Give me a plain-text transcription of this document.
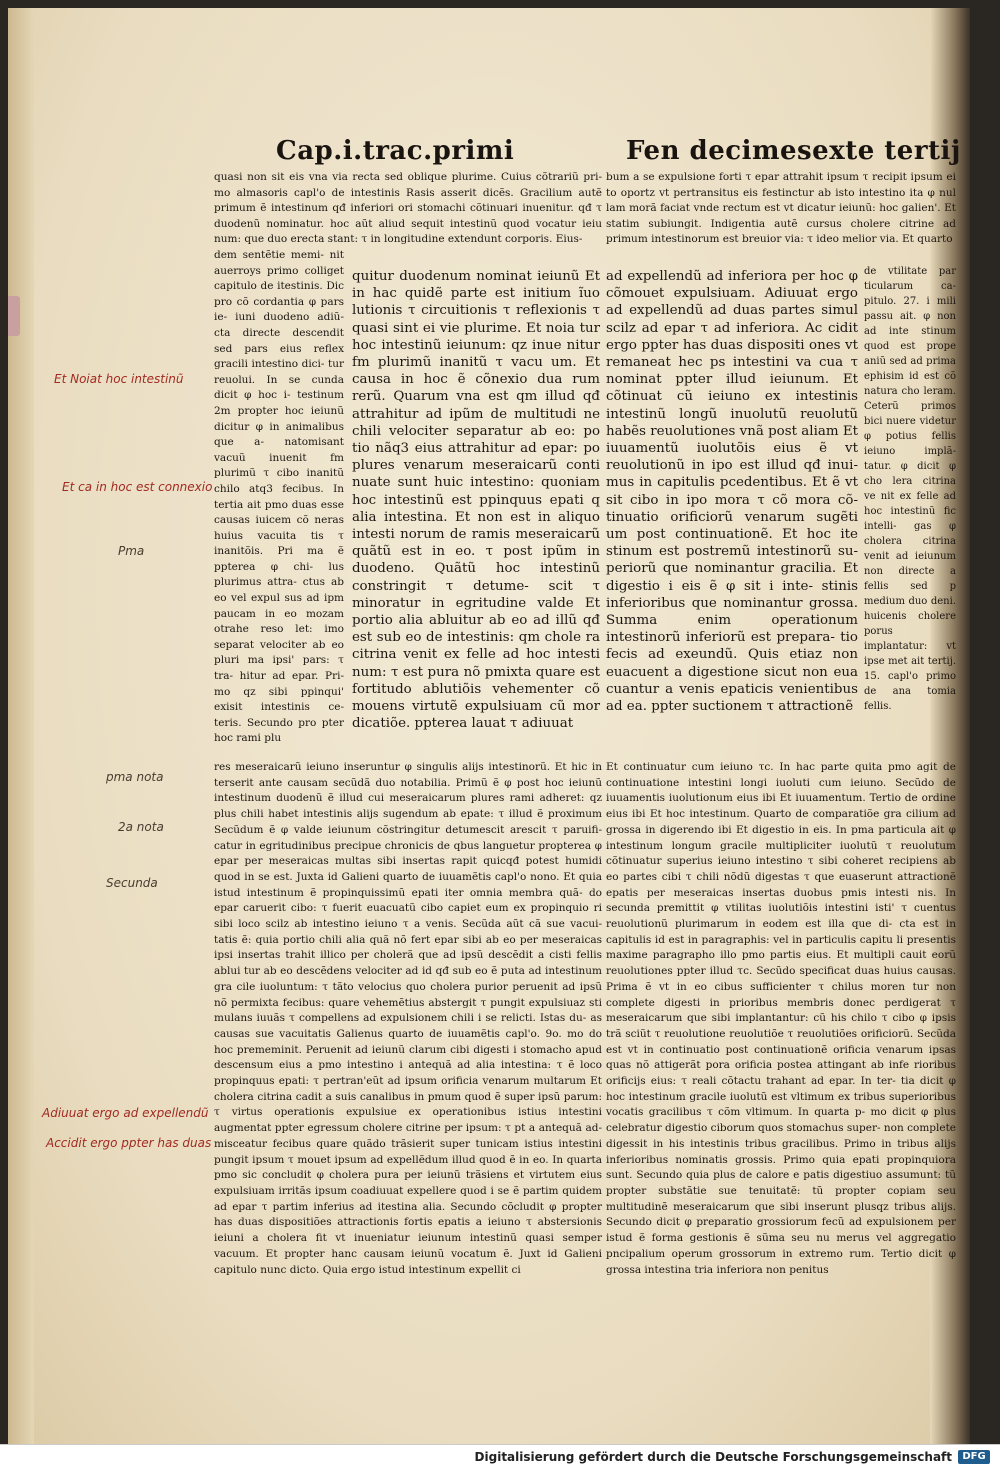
Cap.i.trac.primi	Fen decimesexte tertij

quasi non sit eis vna via recta sed oblique plurime. Cuius cõtrariũ pri- mo almasoris capl'o de intestinis Rasis asserit dicẽs. Gracilium autẽ primum ẽ intestinum qđ inferiori ori stomachi cõtinuari inuenitur. qđ τ duodenũ nominatur. hoc aũt aliud sequit intestinũ quod vocatur ieiu num: que duo erecta stant: τ in longitudine extendunt corporis. Eius-

dem sentẽtie memi- nit auerroys primo colliget capitulo de itestinis. Dic pro cõ cordantia φ pars ie- iuni duodeno adiũ- cta directe descendit sed pars eius reflex gracili intestino dici- tur reuolui. In se cunda dicit φ hoc i- testinum 2m propter hoc ieiunũ dicitur φ in animalibus que a- natomisant vacuũ inuenit fm plurimũ τ cibo inanitũ chilo atq3 fecibus. In tertia ait pmo duas esse causas iuicem cõ neras huius vacuita tis τ inanitõis. Pri ma ẽ ppterea φ chi- lus plurimus attra- ctus ab eo vel expul sus ad ipm paucam in eo mozam otrahe reso let: imo separat velociter ab eo pluri ma ipsi' pars: τ tra- hitur ad epar. Pri- mo qz sibi ppinqui' exisit intestinis ce- teris. Secundo pro pter hoc rami plu

quitur duodenum nominat ieiunũ Et in hac quidẽ parte est initium ĩuo lutionis τ circuitionis τ reflexionis τ quasi sint ei vie plurime. Et noia tur hoc intestinũ ieiunum: qz inue nitur fm plurimũ inanitũ τ vacu um. Et causa in hoc ẽ cõnexio dua rum rerũ. Quarum vna est qm illud qđ attrahitur ad ipũm de multitudi ne chili velociter separatur ab eo: po tio nãq3 eius attrahitur ad epar: po plures venarum meseraicarũ conti nuate sunt huic intestino: quoniam hoc intestinũ est ppinquus epati q alia intestina. Et non est in aliquo intesti norum de ramis meseraicarũ quãtũ est in eo. τ post ipũm in duodeno. Quãtũ hoc intestinũ constringit τ detume- scit τ minoratur in egritudine valde Et portio alia abluitur ab eo ad illũ qđ est sub eo de intestinis: qm chole ra citrina venit ex felle ad hoc intesti num: τ est pura nõ pmixta quare est fortitudo ablutiõis vehementer cõ mouens virtutẽ expulsiuam cũ mor dicatiõe. ppterea lauat τ adiuuat

bum a se expulsione forti τ epar attrahit ipsum τ recipit ipsum ei to oportz vt pertransitus eis festinctur ab isto intestino ita φ nul lam morã faciat vnde rectum est vt dicatur ieiunũ: hoc galien'. Et statim subiungit. Indigentia autẽ cursus cholere citrine ad primum intestinorum est breuior via: τ ideo melior via. Et quarto

ad expellendũ ad inferiora per hoc φ cõmouet expulsiuam. Adiuuat ergo ad expellendũ ad duas partes simul scilz ad epar τ ad inferiora. Ac cidit ergo ppter has duas dispositi ones vt remaneat hec ps intestini va cua τ nominat ppter illud ieiunum. Et cõtinuat cũ ieiuno ex intestinis intestinũ longũ inuolutũ reuolutũ habẽs reuolutiones vnã post aliam Et iuuamentũ iuolutõis eius ẽ vt reuolutionũ in ipo est illud qđ inui- mus in capitulis pcedentibus. Et ẽ vt sit cibo in ipo mora τ cõ mora cõ- tinuatio orificiorũ venarum sugẽti um post continuationẽ. Et hoc ite stinum est postremũ intestinorũ su- periorũ que nominantur gracilia. Et digestio i eis ẽ φ sit i inte- stinis inferioribus que nominantur grossa. Summa enim operationum intestinorũ inferiorũ est prepara- tio fecis ad exeundũ. Quis etiaz non euacuent a digestione sicut non eua cuantur a venis epaticis venientibus ad ea. ppter suctionem τ attractionẽ

de vtilitate par ticularum ca- pitulo. 27. i mili passu ait. φ non ad inte stinum quod est prope aniũ sed ad prima ephisim id est cõ natura cho leram. Ceterũ primos bici nuere videtur φ potius fellis ieiuno implã- tatur. φ dicit φ cho lera citrina ve nit ex felle ad hoc intestinũ fic intelli- gas φ cholera citrina venit ad ieiunum non directe a fellis sed p medium duo deni. huicenis cholere porus implantatur: vt ipse met ait tertij. 15. capl'o primo de ana tomia fellis.

res meseraicarũ ieiuno inseruntur φ singulis alijs intestinorũ. Et hic in terserit ante causam secũdã duo notabilia. Primũ ẽ φ post hoc ieiunũ intestinum duodenũ ẽ illud cui meseraicarum plures rami adheret: qz plus chili habet intestinis alijs sugendum ab epate: τ illud ẽ proximum Secũdum ẽ φ valde ieiunum cõstringitur detumescit arescit τ paruifi- catur in egritudinibus precipue chronicis de qbus languetur propterea φ epar per meseraicas multas sibi insertas rapit quicqđ potest humidi quod in se est. Juxta id Galieni quarto de iuuamẽtis capl'o nono. Et quia istud intestinum ẽ propinquissimũ epati iter omnia membra quã- do epar caruerit cibo: τ fuerit euacuatũ cibo capiet eum ex propinquio ri sibi loco scilz ab intestino ieiuno τ a venis. Secũda aũt cã sue vacui- tatis ẽ: quia portio chili alia quã nõ fert epar sibi ab eo per meseraicas ipsi insertas trahit illico per cholerã que ad ipsũ descẽdit a cisti fellis ablui tur ab eo descẽdens velociter ad id qđ sub eo ẽ puta ad intestinum gra cile iuoluntum: τ tãto velocius quo cholera purior peruenit ad ipsũ nõ permixta fecibus: quare vehemẽtius abstergit τ pungit expulsiuaz sti mulans iuuãs τ compellens ad expulsionem chili i se relicti. Istas du- as causas sue vacuitatis Galienus quarto de iuuamẽtis capl'o. 9o. mo do hoc prememinit. Peruenit ad ieiunũ clarum cibi digesti i stomacho apud descensum eius a pmo intestino i antequã ad alia intestina: τ ẽ loco propinquus epati: τ pertran'eũt ad ipsum orificia venarum multarum Et cholera citrina cadit a suis canalibus in pmum quod ẽ super ipsũ parum: τ virtus operationis expulsiue ex operationibus istius intestini augmentat ppter egressum cholere citrine per ipsum: τ pt a antequã ad- misceatur fecibus quare quãdo trãsierit super tunicam istius intestini pungit ipsum τ mouet ipsum ad expellẽdum illud quod ẽ in eo. In quarta pmo sic concludit φ cholera pura per ieiunũ trãsiens et virtutem eius expulsiuam irritãs ipsum coadiuuat expellere quod i se ẽ partim quidem ad epar τ partim inferius ad itestina alia. Secundo cõcludit φ propter has duas dispositiões attractionis fortis epatis a ieiuno τ abstersionis ieiuni a cholera fit vt inueniatur ieiunum intestinũ quasi semper vacuum. Et propter hanc causam ieiunũ vocatum ẽ. Juxt id Galieni capitulo nunc dicto. Quia ergo istud intestinum expellit ci

Et continuatur cum ieiuno τc. In hac parte quita pmo agit de continuatione intestini longi iuoluti cum ieiuno. Secũdo de iuuamentis iuolutionum eius ibi Et iuuamentum. Tertio de ordine eius ibi Et hoc intestinum. Quarto de comparatiõe gra cilium ad grossa in digerendo ibi Et digestio in eis. In pma particula ait φ intestinum longum gracile multipliciter iuolutũ τ reuolutum cõtinuatur superius ieiuno intestino τ sibi coheret recipiens ab eo partes cibi τ chili nõdũ digestas τ que euaserunt attractionẽ epatis per meseraicas insertas duobus pmis intesti nis. In secunda premittit φ vtilitas iuolutiõis intestini isti' τ cuentus reuolutionũ plurimarum in eodem est illa que di- cta est in capitulis id est in paragraphis: vel in particulis capitu li presentis maxime paragrapho illo pmo partis eius. Et multipli cauit eorũ reuolutiones ppter illud τc. Secũdo specificat duas huius causas. Prima ẽ vt in eo cibus sufficienter τ chilus moren tur non complete digesti in prioribus membris donec perdigerat τ meseraicarum que sibi implantantur: cũ his chilo τ cibo φ ipsis trã sciũt τ reuolutione reuolutiõe τ reuolutiões orificiorũ. Secũda est vt in continuatio post continuationẽ orificia venarum ipsas quas nõ attigerãt pora orificia postea attingant ab infe rioribus orificijs eius: τ reali cõtactu trahant ad epar. In ter- tia dicit φ hoc intestinum gracile iuolutũ est vltimum ex tribus superioribus vocatis gracilibus τ cõm vltimum. In quarta p- mo dicit φ plus celebratur digestio ciborum quos stomachus super- non complete digessit in his intestinis tribus gracilibus. Primo in tribus alijs inferioribus nominatis grossis. Primo quia epati propinquiora sunt. Secundo quia plus de calore e patis digestiuo assumunt: tũ propter substãtie sue tenuitatẽ: tũ propter copiam seu multitudinẽ meseraicarum que sibi inserunt plusqz tribus alijs. Secundo dicit φ preparatio grossiorum fecũ ad expulsionem per istud ẽ forma gestionis ẽ sũma seu nu merus vel aggregatio pncipalium operum grossorum in extremo rum. Tertio dicit φ grossa intestina tria inferiora non penitus

Et Noiat hoc intestinũ
Et ca in hoc est connexio
Pma
pma nota
2a nota
Secunda
Adiuuat ergo ad expellendũ
Accidit ergo ppter has duas
Digitalisierung gefördert durch die Deutsche Forschungsgemeinschaft	DFG
